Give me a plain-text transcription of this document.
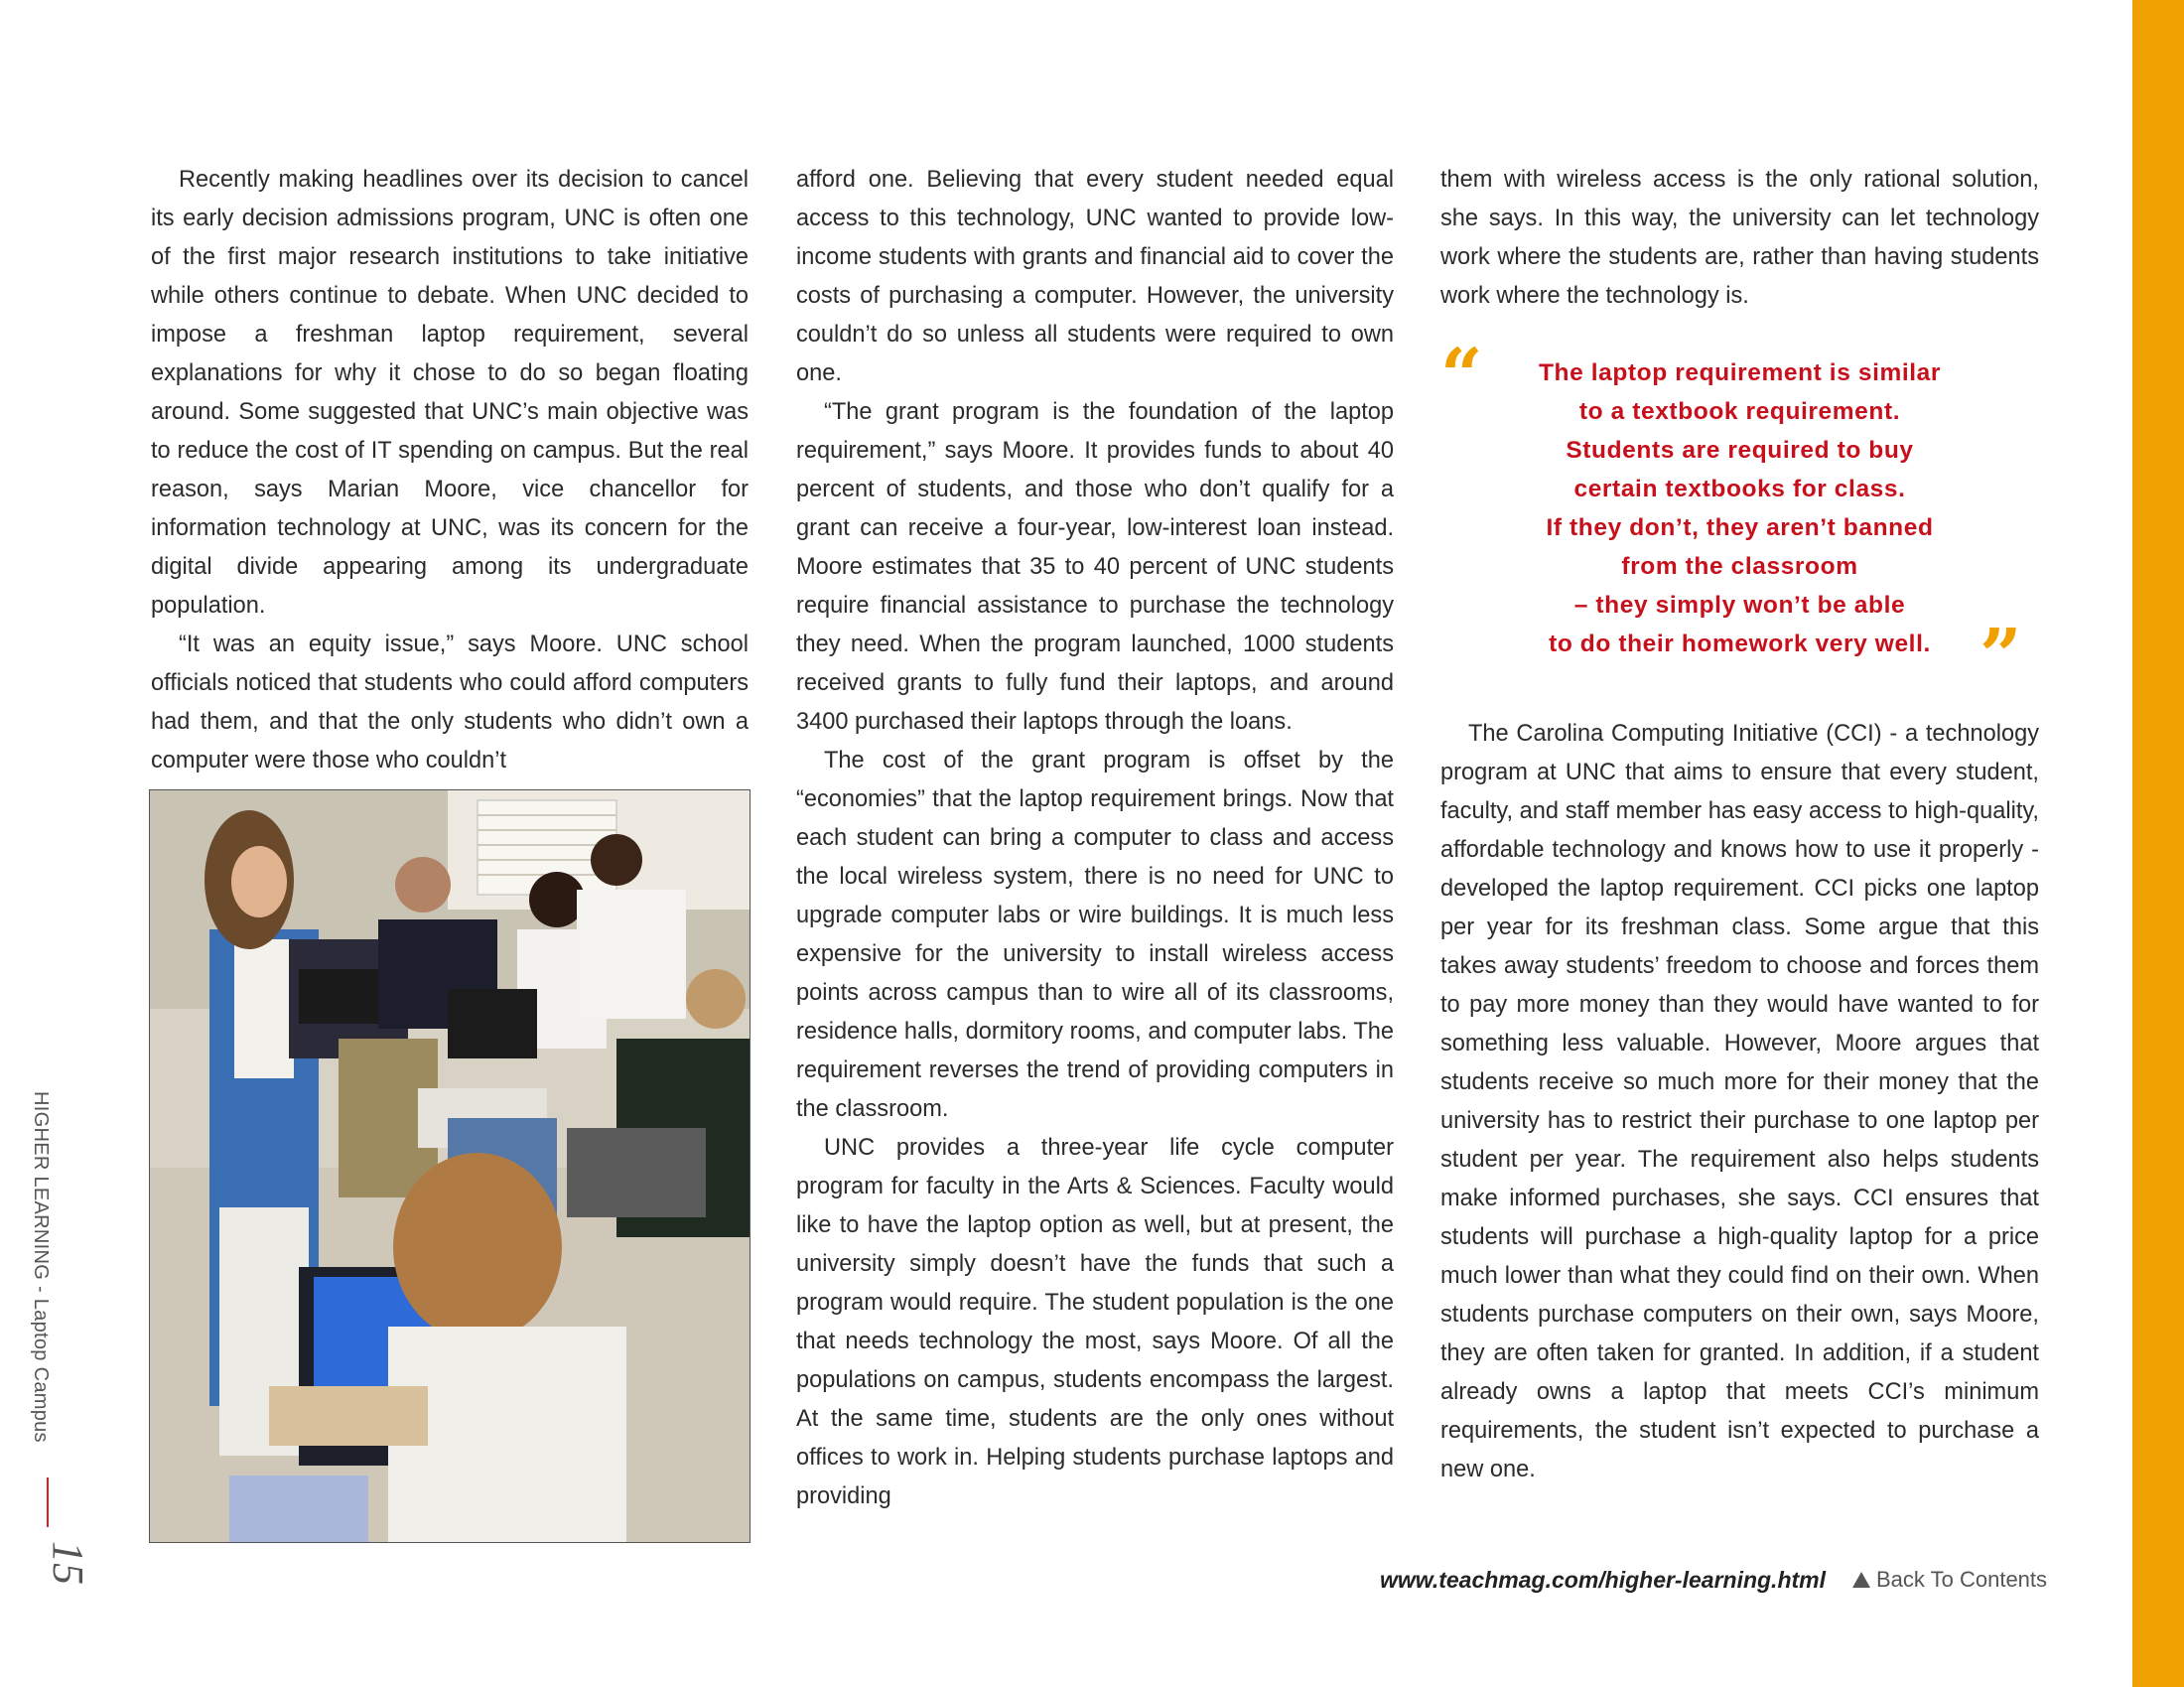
Recently making headlines over its decision to cancel its early decision admissions program, UNC is often one of the first major research institutions to take initiative while others continue to debate. When UNC decided to impose a freshman laptop requirement, several explanations for why it chose to do so began floating around. Some suggested that UNC’s main objective was to reduce the cost of IT spending on campus. But the real reason, says Marian Moore, vice chancellor for information technology at UNC, was its concern for the digital divide appearing among its undergraduate population.

“It was an equity issue,” says Moore. UNC school officials noticed that students who could afford computers had them, and that the only students who didn’t own a computer were those who couldn’t

afford one. Believing that every student needed equal access to this technology, UNC wanted to provide low-income students with grants and financial aid to cover the costs of purchasing a computer. However, the university couldn’t do so unless all students were required to own one.

“The grant program is the foundation of the laptop requirement,” says Moore. It provides funds to about 40 percent of students, and those who don’t qualify for a grant can receive a four-year, low-interest loan instead. Moore estimates that 35 to 40 percent of UNC students require financial assistance to purchase the technology they need. When the program launched, 1000 students received grants to fully fund their laptops, and around 3400 purchased their laptops through the loans.

The cost of the grant program is offset by the “economies” that the laptop requirement brings. Now that each student can bring a computer to class and access the local wireless system, there is no need for UNC to upgrade computer labs or wire buildings. It is much less expensive for the university to install wireless access points across campus than to wire all of its classrooms, residence halls, dormitory rooms, and computer labs. The requirement reverses the trend of providing computers in the classroom.

UNC provides a three-year life cycle computer program for faculty in the Arts & Sciences. Faculty would like to have the laptop option as well, but at present, the university simply doesn’t have the funds that such a program would require. The student population is the one that needs technology the most, says Moore. Of all the populations on campus, students encompass the largest. At the same time, students are the only ones without offices to work in. Helping students purchase laptops and providing

them with wireless access is the only rational solution, she says. In this way, the university can let technology work where the students are, rather than having students work where the technology is.

The Carolina Computing Initiative (CCI) - a technology program at UNC that aims to ensure that every student, faculty, and staff member has easy access to high-quality, affordable technology and knows how to use it properly - developed the laptop requirement. CCI picks one laptop per year for its freshman class. Some argue that this takes away students’ freedom to choose and forces them to pay more money than they would have wanted to for something less valuable. However, Moore argues that students receive so much more for their money that the university has to restrict their purchase to one laptop per student per year. The requirement also helps students make informed purchases, she says. CCI ensures that students will purchase a high-quality laptop for a price much lower than what they could find on their own. When students purchase computers on their own, says Moore, they are often taken for granted. In addition, if a student already owns a laptop that meets CCI’s minimum requirements, the student isn’t expected to purchase a new one.

“	The laptop requirement is similar
to a textbook requirement.
Students are required to buy
certain textbooks for class.
If they don’t, they aren’t banned
from the classroom
– they simply won’t be able
to do their homework very well. ”
HIGHER LEARNING - Laptop Campus
15	www.teachmag.com/higher-learning.html Back To Contents
